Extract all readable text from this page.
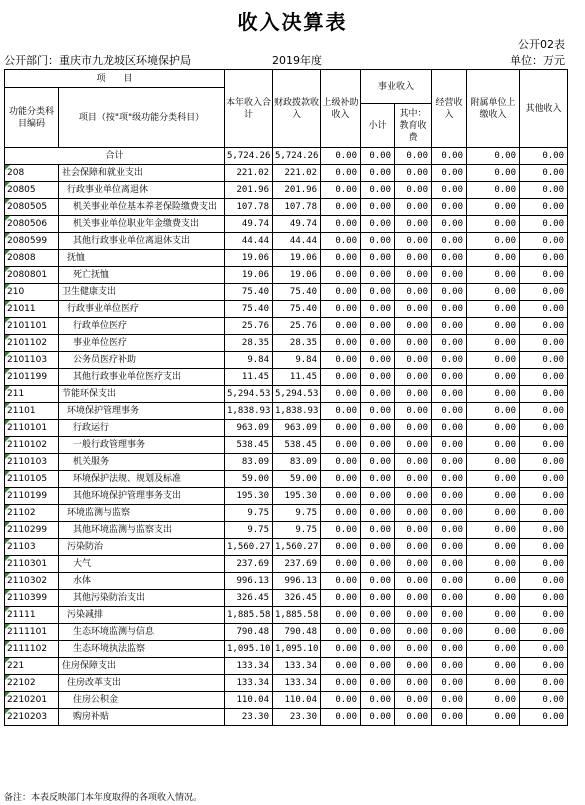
收入决算表
公开02表
公开部门：重庆市九龙坡区环境保护局	2019年度	单位：万元
项　　目		本年收入合计	财政拨款收入	上级补助收入	事业收入		经营收入	附属单位上缴收入	其他收入
功能分类科目编码	项目（按"项"级功能分类科目）								
					小计	其中：教育收费			
合计		5,724.26	5,724.26	0.00	0.00	0.00	0.00	0.00	0.00
208	社会保障和就业支出	221.02	221.02	0.00	0.00	0.00	0.00	0.00	0.00
20805	行政事业单位离退休	201.96	201.96	0.00	0.00	0.00	0.00	0.00	0.00
2080505	机关事业单位基本养老保险缴费支出	107.78	107.78	0.00	0.00	0.00	0.00	0.00	0.00
2080506	机关事业单位职业年金缴费支出	49.74	49.74	0.00	0.00	0.00	0.00	0.00	0.00
2080599	其他行政事业单位离退休支出	44.44	44.44	0.00	0.00	0.00	0.00	0.00	0.00
20808	抚恤	19.06	19.06	0.00	0.00	0.00	0.00	0.00	0.00
2080801	死亡抚恤	19.06	19.06	0.00	0.00	0.00	0.00	0.00	0.00
210	卫生健康支出	75.40	75.40	0.00	0.00	0.00	0.00	0.00	0.00
21011	行政事业单位医疗	75.40	75.40	0.00	0.00	0.00	0.00	0.00	0.00
2101101	行政单位医疗	25.76	25.76	0.00	0.00	0.00	0.00	0.00	0.00
2101102	事业单位医疗	28.35	28.35	0.00	0.00	0.00	0.00	0.00	0.00
2101103	公务员医疗补助	9.84	9.84	0.00	0.00	0.00	0.00	0.00	0.00
2101199	其他行政事业单位医疗支出	11.45	11.45	0.00	0.00	0.00	0.00	0.00	0.00
211	节能环保支出	5,294.53	5,294.53	0.00	0.00	0.00	0.00	0.00	0.00
21101	环境保护管理事务	1,838.93	1,838.93	0.00	0.00	0.00	0.00	0.00	0.00
2110101	行政运行	963.09	963.09	0.00	0.00	0.00	0.00	0.00	0.00
2110102	一般行政管理事务	538.45	538.45	0.00	0.00	0.00	0.00	0.00	0.00
2110103	机关服务	83.09	83.09	0.00	0.00	0.00	0.00	0.00	0.00
2110105	环境保护法规、规划及标准	59.00	59.00	0.00	0.00	0.00	0.00	0.00	0.00
2110199	其他环境保护管理事务支出	195.30	195.30	0.00	0.00	0.00	0.00	0.00	0.00
21102	环境监测与监察	9.75	9.75	0.00	0.00	0.00	0.00	0.00	0.00
2110299	其他环境监测与监察支出	9.75	9.75	0.00	0.00	0.00	0.00	0.00	0.00
21103	污染防治	1,560.27	1,560.27	0.00	0.00	0.00	0.00	0.00	0.00
2110301	大气	237.69	237.69	0.00	0.00	0.00	0.00	0.00	0.00
2110302	水体	996.13	996.13	0.00	0.00	0.00	0.00	0.00	0.00
2110399	其他污染防治支出	326.45	326.45	0.00	0.00	0.00	0.00	0.00	0.00
21111	污染减排	1,885.58	1,885.58	0.00	0.00	0.00	0.00	0.00	0.00
2111101	生态环境监测与信息	790.48	790.48	0.00	0.00	0.00	0.00	0.00	0.00
2111102	生态环境执法监察	1,095.10	1,095.10	0.00	0.00	0.00	0.00	0.00	0.00
221	住房保障支出	133.34	133.34	0.00	0.00	0.00	0.00	0.00	0.00
22102	住房改革支出	133.34	133.34	0.00	0.00	0.00	0.00	0.00	0.00
2210201	住房公积金	110.04	110.04	0.00	0.00	0.00	0.00	0.00	0.00
2210203	购房补贴	23.30	23.30	0.00	0.00	0.00	0.00	0.00	0.00
备注：本表反映部门本年度取得的各项收入情况。
